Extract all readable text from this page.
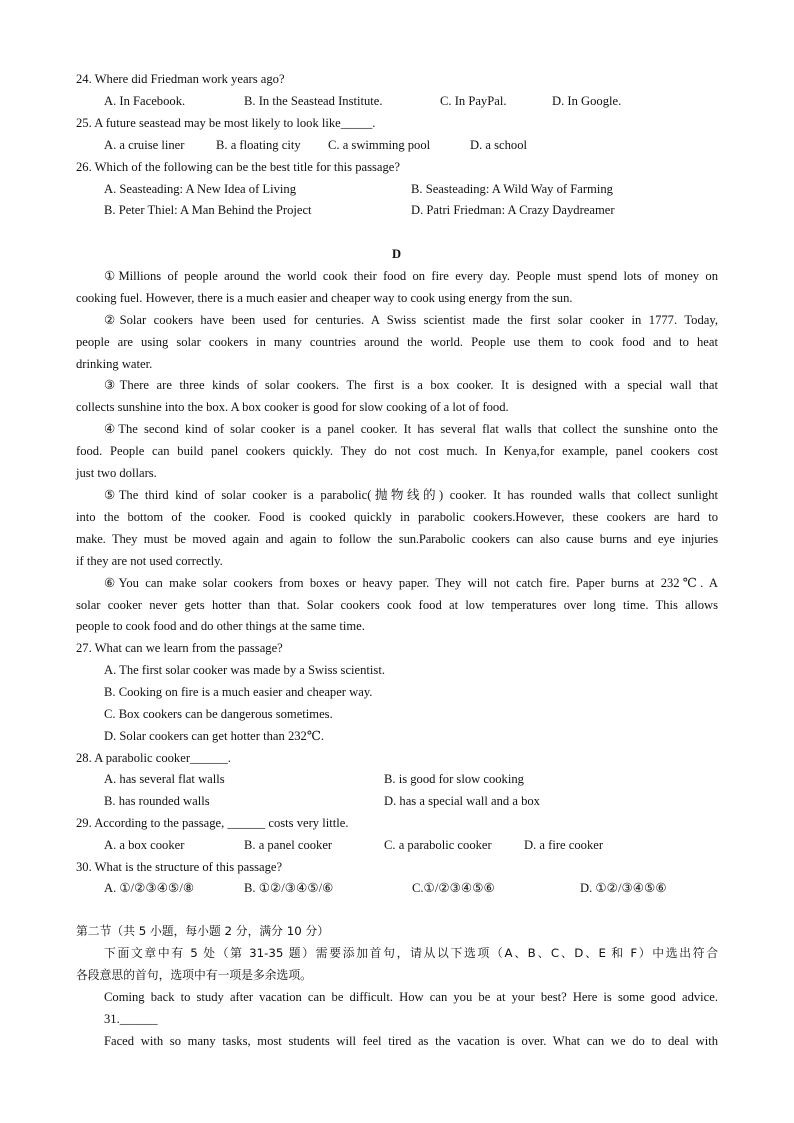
24. Where did Friedman work years ago?
A. In Facebook.	B. In the Seastead Institute.	C. In PayPal.	D. In Google.
25. A future seastead may be most likely to look like_____.
A. a cruise liner	B. a floating city C. a swimming pool	D. a school
26. Which of the following can be the best title for this passage?
A. Seasteading: A New Idea of Living	B. Seasteading: A Wild Way of Farming
B. Peter Thiel: A Man Behind the Project	D. Patri Friedman: A Crazy Daydreamer
D
①Millions of people around the world cook their food on fire every day. People must spend lots of money on
cooking fuel. However, there is a much easier and cheaper way to cook using energy from the sun.
②Solar cookers have been used for centuries. A Swiss scientist made the first solar cooker in 1777. Today,
people are using solar cookers in many countries around the world. People use them to cook food and to heat
drinking water.
③There are three kinds of solar cookers. The first is a box cooker. It is designed with a special wall that
collects sunshine into the box. A box cooker is good for slow cooking of a lot of food.
④The second kind of solar cooker is a panel cooker. It has several flat walls that collect the sunshine onto the
food. People can build panel cookers quickly. They do not cost much. In Kenya,for example, panel cookers cost
just two dollars.
⑤The third kind of solar cooker is a parabolic(抛物线的) cooker. It has rounded walls that collect sunlight
into the bottom of the cooker. Food is cooked quickly in parabolic cookers.However, these cookers are hard to
make. They must be moved again and again to follow the sun.Parabolic cookers can also cause burns and eye injuries
if they are not used correctly.
⑥You can make solar cookers from boxes or heavy paper. They will not catch fire. Paper burns at 232℃. A
solar cooker never gets hotter than that. Solar cookers cook food at low temperatures over long time. This allows
people to cook food and do other things at the same time.
27. What can we learn from the passage?
A. The first solar cooker was made by a Swiss scientist.
B. Cooking on fire is a much easier and cheaper way.
C. Box cookers can be dangerous sometimes.
D. Solar cookers can get hotter than 232℃.
28. A parabolic cooker______.
A. has several flat walls	B. is good for slow cooking
B. has rounded walls	D. has a special wall and a box
29. According to the passage, ______ costs very little.
A. a box cooker	B. a panel cooker	C. a parabolic cooker	D. a fire cooker
30. What is the structure of this passage?
A. ①/②③④⑤/⑧	B. ①②/③④⑤/⑥	C.①/②③④⑤⑥	D. ①②/③④⑤⑥
第二节（共 5 小题，每小题 2 分，满分 10 分）
下面文章中有 5 处（第 31-35 题）需要添加首句，请从以下选项（A、B、C、D、E 和 F）中选出符合
各段意思的首句，选项中有一项是多余选项。
Coming back to study after vacation can be difficult. How can you be at your best? Here is some good advice.
31.______
Faced with so many tasks, most students will feel tired as the vacation is over. What can we do to deal with
